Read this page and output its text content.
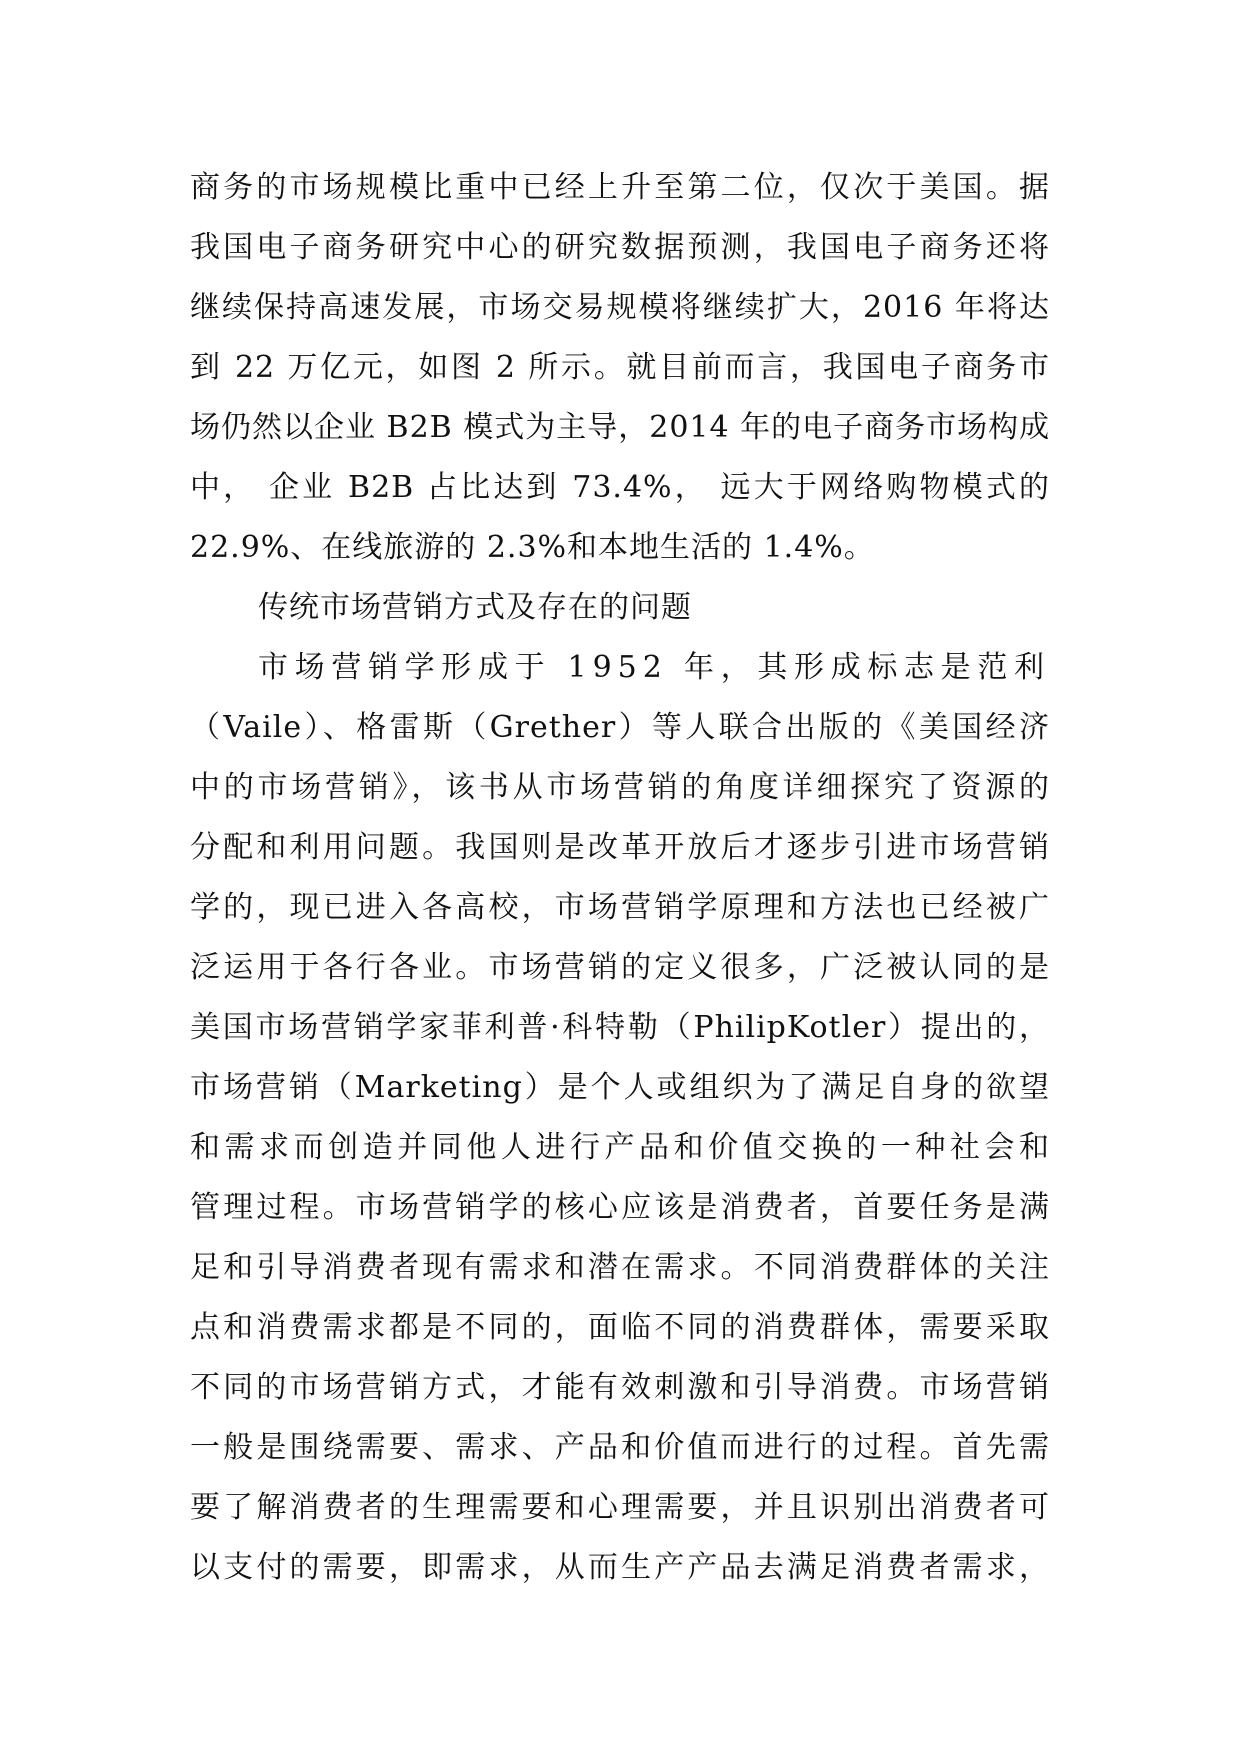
商务的市场规模比重中已经上升至第二位，仅次于美国。据
我国电子商务研究中心的研究数据预测，我国电子商务还将
继续保持高速发展，市场交易规模将继续扩大，2016 年将达
到 22 万亿元，如图 2 所示。就目前而言，我国电子商务市
场仍然以企业 B2B 模式为主导，2014 年的电子商务市场构成
中， 企业 B2B 占比达到 73.4%， 远大于网络购物模式的
22.9%、在线旅游的 2.3%和本地生活的 1.4%。
传统市场营销方式及存在的问题
市场营销学形成于 1952 年，其形成标志是范利
（Vaile）、格雷斯（Grether）等人联合出版的《美国经济
中的市场营销》，该书从市场营销的角度详细探究了资源的
分配和利用问题。我国则是改革开放后才逐步引进市场营销
学的，现已进入各高校，市场营销学原理和方法也已经被广
泛运用于各行各业。市场营销的定义很多，广泛被认同的是
美国市场营销学家菲利普·科特勒（PhilipKotler）提出的，
市场营销（Marketing）是个人或组织为了满足自身的欲望
和需求而创造并同他人进行产品和价值交换的一种社会和
管理过程。市场营销学的核心应该是消费者，首要任务是满
足和引导消费者现有需求和潜在需求。不同消费群体的关注
点和消费需求都是不同的，面临不同的消费群体，需要采取
不同的市场营销方式，才能有效刺激和引导消费。市场营销
一般是围绕需要、需求、产品和价值而进行的过程。首先需
要了解消费者的生理需要和心理需要，并且识别出消费者可
以支付的需要，即需求，从而生产产品去满足消费者需求，
